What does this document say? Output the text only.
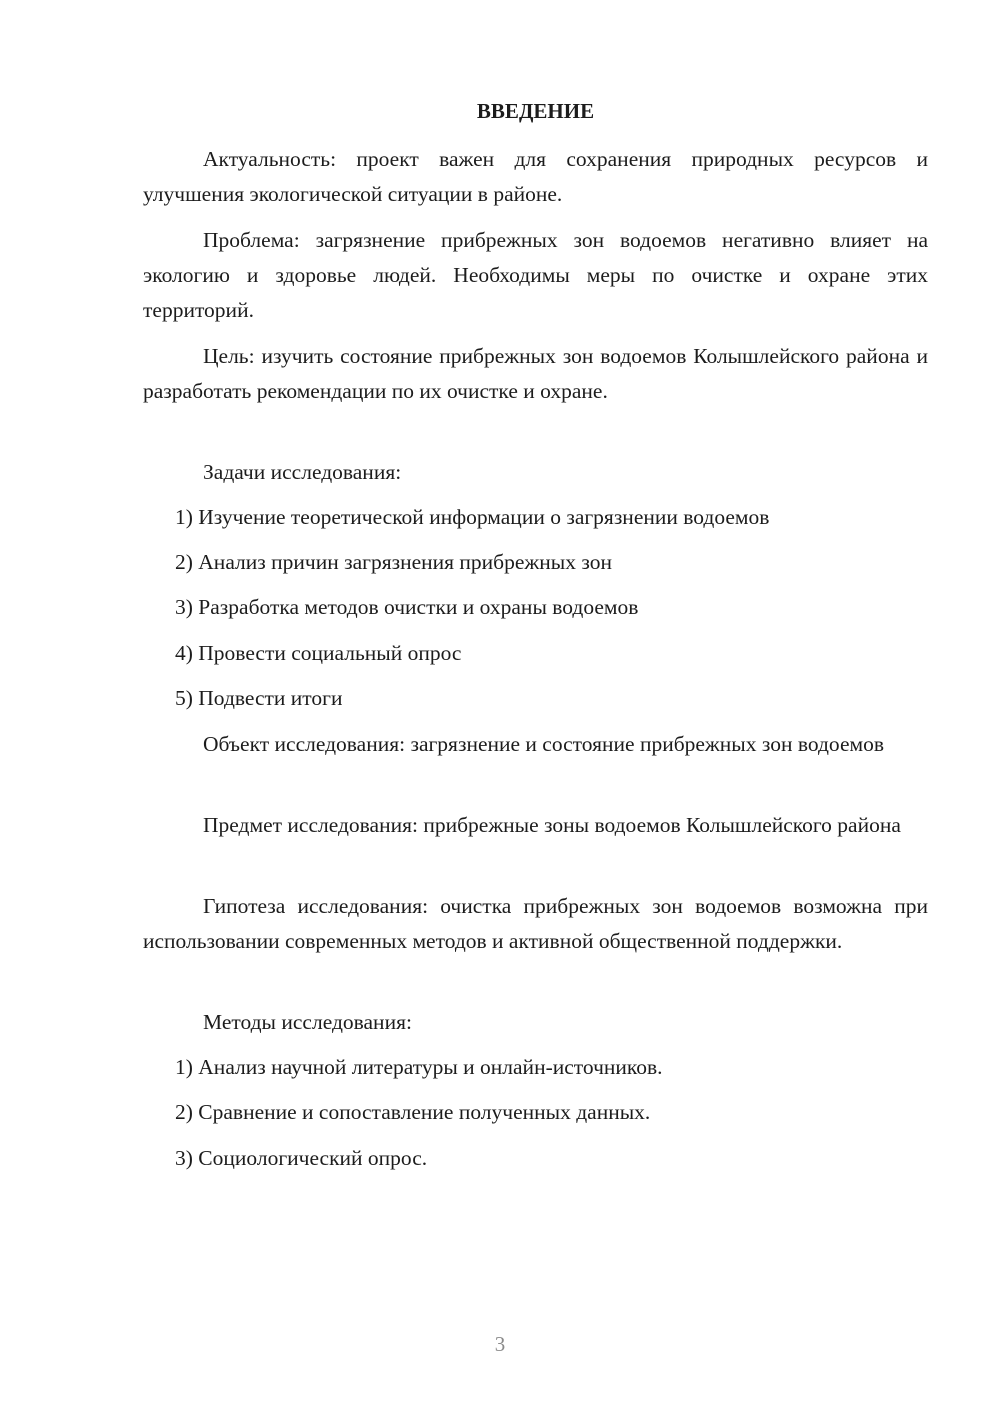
ВВЕДЕНИЕ

Актуальность: проект важен для сохранения природных ресурсов и улучшения экологической ситуации в районе.

Проблема: загрязнение прибрежных зон водоемов негативно влияет на экологию и здоровье людей. Необходимы меры по очистке и охране этих территорий.

Цель: изучить состояние прибрежных зон водоемов Колышлейского района и разработать рекомендации по их очистке и охране.

Задачи исследования:

1) Изучение теоретической информации о загрязнении водоемов

2) Анализ причин загрязнения прибрежных зон

3) Разработка методов очистки и охраны водоемов

4) Провести социальный опрос

5) Подвести итоги

Объект исследования: загрязнение и состояние прибрежных зон водоемов

Предмет исследования: прибрежные зоны водоемов Колышлейского района

Гипотеза исследования: очистка прибрежных зон водоемов возможна при использовании современных методов и активной общественной поддержки.

Методы исследования:

1) Анализ научной литературы и онлайн-источников.

2) Сравнение и сопоставление полученных данных.

3) Социологический опрос.

3
